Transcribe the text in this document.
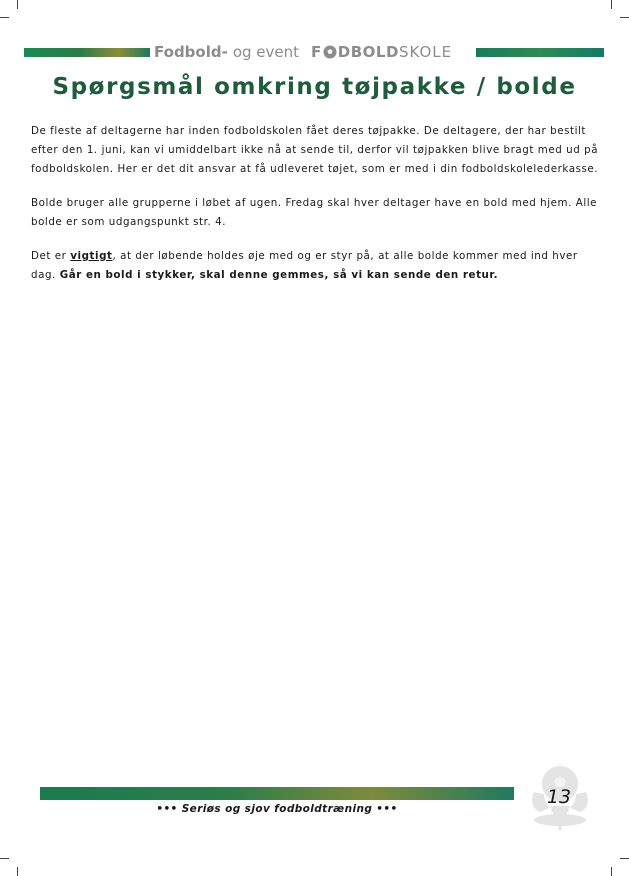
Fodbold- og event F DBOLD SKOLE
Spørgsmål omkring tøjpakke / bolde

De fleste af deltagerne har inden fodboldskolen fået deres tøjpakke. De deltagere, der har bestilt efter den 1. juni, kan vi umiddelbart ikke nå at sende til, derfor vil tøjpakken blive bragt med ud på fodboldskolen. Her er det dit ansvar at få udleveret tøjet, som er med i din fodboldskolelederkasse.

Bolde bruger alle grupperne i løbet af ugen. Fredag skal hver deltager have en bold med hjem. Alle bolde er som udgangspunkt str. 4.

Det er vigtigt, at der løbende holdes øje med og er styr på, at alle bolde kommer med ind hver dag. Går en bold i stykker, skal denne gemmes, så vi kan sende den retur.

••• Seriøs og sjov fodboldtræning •••
13
